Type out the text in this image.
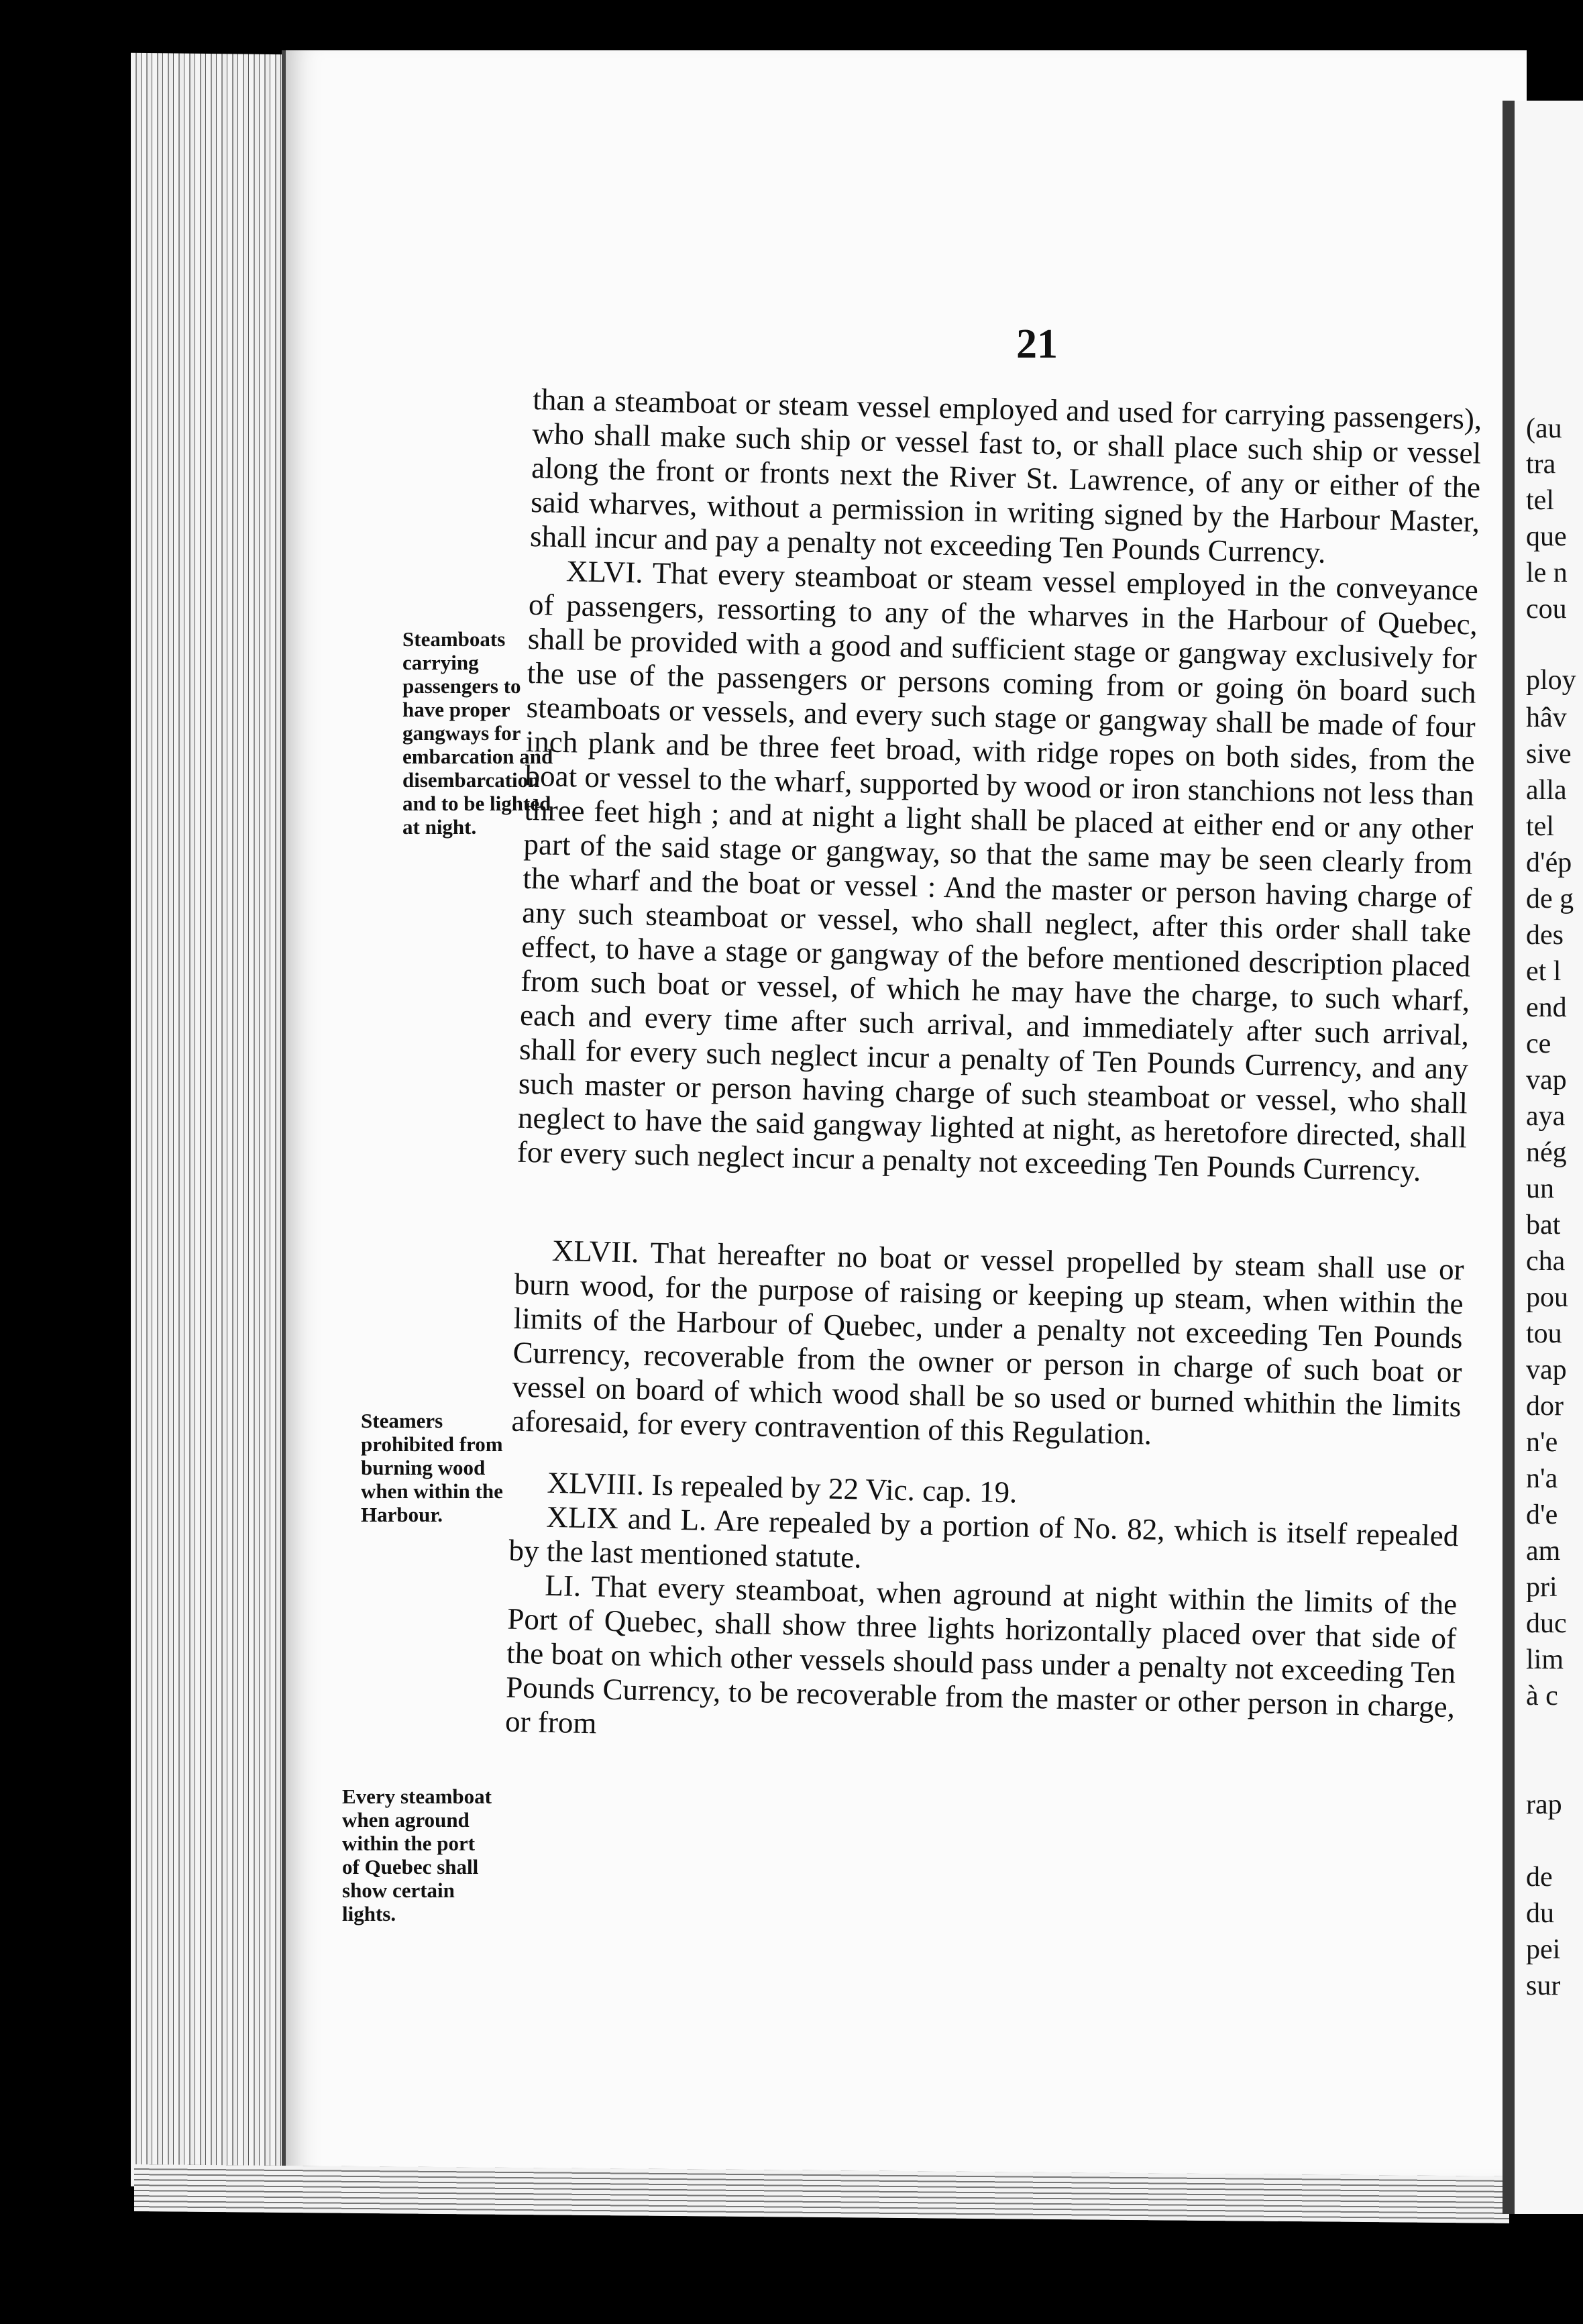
(au
tra
tel
que
le n
cou
ploy
hâv
sive
alla
tel
d'ép
de g
des
et l
end
ce
vap
aya
nég
un
bat
cha
pou
tou
vap
dor
n'e
n'a
d'e
am
pri
duc
lim
à c
rap
de
du
pei
sur
21
Steamboats carrying passengers to have proper gangways for embarcation and disembarcation and to be lighted at night.
Steamers prohibited from burning wood when within the Harbour.
Every steamboat when aground within the port of Quebec shall show certain lights.

than a steamboat or steam vessel employed and used for carrying passengers), who shall make such ship or vessel fast to, or shall place such ship or vessel along the front or fronts next the River St. Lawrence, of any or either of the said wharves, without a permission in writing signed by the Harbour Master, shall incur and pay a penalty not exceeding Ten Pounds Currency.

XLVI. That every steamboat or steam vessel employed in the conveyance of passengers, ressorting to any of the wharves in the Harbour of Quebec, shall be provided with a good and sufficient stage or gangway exclusively for the use of the passengers or persons coming from or going ön board such steamboats or vessels, and every such stage or gangway shall be made of four inch plank and be three feet broad, with ridge ropes on both sides, from the boat or vessel to the wharf, supported by wood or iron stanchions not less than three feet high ; and at night a light shall be placed at either end or any other part of the said stage or gangway, so that the same may be seen clearly from the wharf and the boat or vessel : And the master or person having charge of any such steamboat or vessel, who shall neglect, after this order shall take effect, to have a stage or gangway of the before mentioned description placed from such boat or vessel, of which he may have the charge, to such wharf, each and every time after such arrival, and immediately after such arrival, shall for every such neglect incur a penalty of Ten Pounds Currency, and any such master or person having charge of such steamboat or vessel, who shall neglect to have the said gangway lighted at night, as heretofore directed, shall for every such neglect incur a penalty not exceeding Ten Pounds Currency.

XLVII. That hereafter no boat or vessel propelled by steam shall use or burn wood, for the purpose of raising or keeping up steam, when within the limits of the Harbour of Quebec, under a penalty not exceeding Ten Pounds Currency, recoverable from the owner or person in charge of such boat or vessel on board of which wood shall be so used or burned whithin the limits aforesaid, for every contravention of this Regulation.

XLVIII. Is repealed by 22 Vic. cap. 19.

XLIX and L. Are repealed by a portion of No. 82, which is itself repealed by the last mentioned statute.

LI. That every steamboat, when aground at night within the limits of the Port of Quebec, shall show three lights horizontally placed over that side of the boat on which other vessels should pass under a penalty not exceeding Ten Pounds Currency, to be recoverable from the master or other person in charge, or from
